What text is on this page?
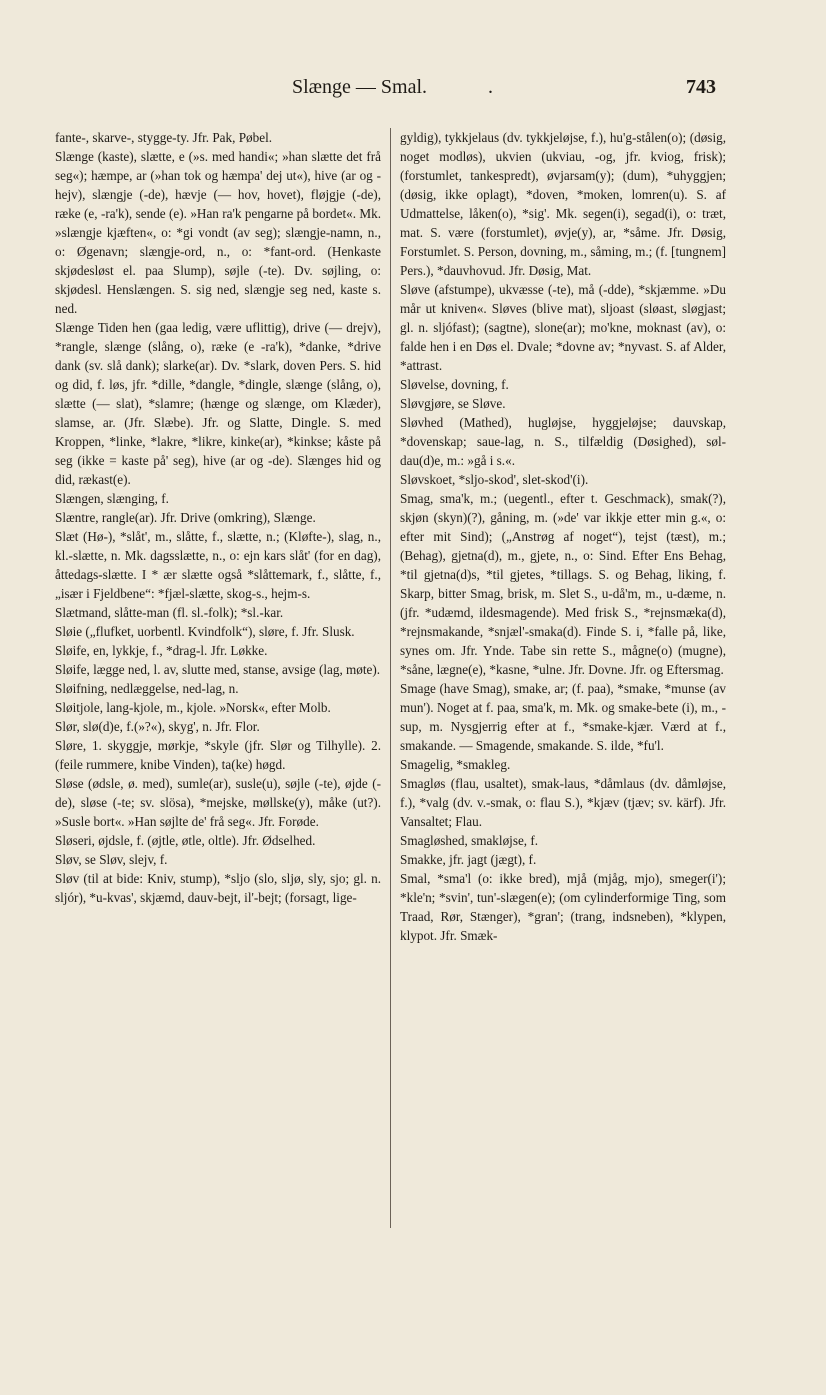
Slænge — Smal.	.	743

fante-, skarve-, stygge-ty. Jfr. Pak, Pøbel.

Slænge (kaste), slætte, e (»s. med handi«; »han slætte det frå seg«); hæmpe, ar (»han tok og hæmpa' dej ut«), hive (ar og -hejv), slængje (-de), hævje (— hov, hovet), fløjgje (-de), ræke (e, -ra'k), sende (e). »Han ra'k pengarne på bordet«. Mk. »slængje kjæften«, o: *gi vondt (av seg); slængje-namn, n., o: Øgenavn; slængje-ord, n., o: *fant-ord. (Henkaste skjødesløst el. paa Slump), søjle (-te). Dv. søjling, o: skjødesl. Henslængen. S. sig ned, slængje seg ned, kaste s. ned.

Slænge Tiden hen (gaa ledig, være uflittig), drive (— drejv), *rangle, slænge (slång, o), ræke (e -ra'k), *danke, *drive dank (sv. slå dank); slarke(ar). Dv. *slark, doven Pers. S. hid og did, f. løs, jfr. *dille, *dangle, *dingle, slænge (slång, o), slætte (— slat), *slamre; (hænge og slænge, om Klæder), slamse, ar. (Jfr. Slæbe). Jfr. og Slatte, Dingle. S. med Kroppen, *linke, *lakre, *likre, kinke(ar), *kinkse; kåste på seg (ikke = kaste på' seg), hive (ar og -de). Slænges hid og did, rækast(e).

Slængen, slænging, f.

Slæntre, rangle(ar). Jfr. Drive (omkring), Slænge.

Slæt (Hø-), *slåt', m., slåtte, f., slætte, n.; (Kløfte-), slag, n., kl.-slætte, n. Mk. dagsslætte, n., o: ejn kars slåt' (for en dag), åttedags-slætte. I * ær slætte også *slåttemark, f., slåtte, f., „især i Fjeldbene“: *fjæl-slætte, skog-s., hejm-s.

Slætmand, slåtte-man (fl. sl.-folk); *sl.-kar.

Sløie („flufket, uorbentl. Kvindfolk“), sløre, f. Jfr. Slusk.

Sløife, en, lykkje, f., *drag-l. Jfr. Løkke.

Sløife, lægge ned, l. av, slutte med, stanse, avsige (lag, møte).

Sløifning, nedlæggelse, ned-lag, n.

Sløitjole, lang-kjole, m., kjole. »Norsk«, efter Molb.

Slør, slø(d)e, f.(»?«), skyg', n. Jfr. Flor.

Sløre, 1. skyggje, mørkje, *skyle (jfr. Slør og Tilhylle). 2. (feile rummere, knibe Vinden), ta(ke) høgd.

Sløse (ødsle, ø. med), sumle(ar), susle(u), søjle (-te), øjde (-de), sløse (-te; sv. slösa), *mejske, møllske(y), måke (ut?). »Susle bort«. »Han søjlte de' frå seg«. Jfr. Forøde.

Sløseri, øjdsle, f. (øjtle, øtle, oltle). Jfr. Ødselhed.

Sløv, se Sløv, slejv, f.

Sløv (til at bide: Kniv, stump), *sljo (slo, sljø, sly, sjo; gl. n. sljór), *u-kvas', skjæmd, dauv-bejt, il'-bejt; (forsagt, lige-

gyldig), tykkjelaus (dv. tykkjeløjse, f.), hu'g-stålen(o); (døsig, noget modløs), ukvien (ukviau, -og, jfr. kviog, frisk); (forstumlet, tankespredt), øvjarsam(y); (dum), *uhyggjen; (døsig, ikke oplagt), *doven, *moken, lomren(u). S. af Udmattelse, låken(o), *sig'. Mk. segen(i), segad(i), o: træt, mat. S. være (forstumlet), øvje(y), ar, *såme. Jfr. Døsig, Forstumlet. S. Person, dovning, m., såming, m.; (f. [tungnem] Pers.), *dauvhovud. Jfr. Døsig, Mat.

Sløve (afstumpe), ukvæsse (-te), må (-dde), *skjæmme. »Du mår ut kniven«. Sløves (blive mat), sljoast (sløast, sløgjast; gl. n. sljófast); (sagtne), slone(ar); mo'kne, moknast (av), o: falde hen i en Døs el. Dvale; *dovne av; *nyvast. S. af Alder, *attrast.

Sløvelse, dovning, f.

Sløvgjøre, se Sløve.

Sløvhed (Mathed), hugløjse, hyggjeløjse; dauvskap, *dovenskap; saue-lag, n. S., tilfældig (Døsighed), søl-dau(d)e, m.: »gå i s.«.

Sløvskoet, *sljo-skod', slet-skod'(i).

Smag, sma'k, m.; (uegentl., efter t. Geschmack), smak(?), skjøn (skyn)(?), gåning, m. (»de' var ikkje etter min g.«, o: efter mit Sind); („Anstrøg af noget“), tejst (tæst), m.; (Behag), gjetna(d), m., gjete, n., o: Sind. Efter Ens Behag, *til gjetna(d)s, *til gjetes, *tillags. S. og Behag, liking, f. Skarp, bitter Smag, brisk, m. Slet S., u-då'm, m., u-dæme, n. (jfr. *udæmd, ildesmagende). Med frisk S., *rejnsmæka(d), *rejnsmakande, *snjæl'-smaka(d). Finde S. i, *falle på, like, synes om. Jfr. Ynde. Tabe sin rette S., mågne(o) (mugne), *såne, lægne(e), *kasne, *ulne. Jfr. Dovne. Jfr. og Eftersmag.

Smage (have Smag), smake, ar; (f. paa), *smake, *munse (av mun'). Noget at f. paa, sma'k, m. Mk. og smake-bete (i), m., -sup, m. Nysgjerrig efter at f., *smake-kjær. Værd at f., smakande. — Smagende, smakande. S. ilde, *fu'l.

Smagelig, *smakleg.

Smagløs (flau, usaltet), smak-laus, *dåmlaus (dv. dåmløjse, f.), *valg (dv. v.-smak, o: flau S.), *kjæv (tjæv; sv. kärf). Jfr. Vansaltet; Flau.

Smagløshed, smakløjse, f.

Smakke, jfr. jagt (jægt), f.

Smal, *sma'l (o: ikke bred), mjå (mjåg, mjo), smeger(i'); *kle'n; *svin', tun'-slægen(e); (om cylinderformige Ting, som Traad, Rør, Stænger), *gran'; (trang, indsneben), *klypen, klypot. Jfr. Smæk-
